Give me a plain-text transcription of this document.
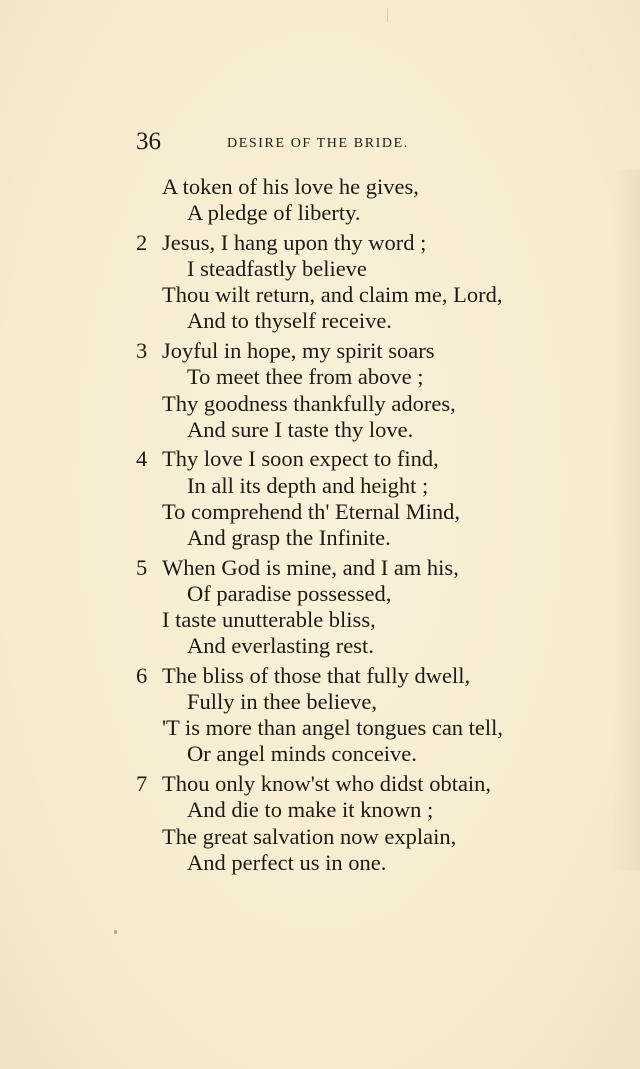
36	DESIRE OF THE BRIDE.
A token of his love he gives,
A pledge of liberty.
2 Jesus, I hang upon thy word ;
I steadfastly believe
Thou wilt return, and claim me, Lord,
And to thyself receive.
3 Joyful in hope, my spirit soars
To meet thee from above ;
Thy goodness thankfully adores,
And sure I taste thy love.
4 Thy love I soon expect to find,
In all its depth and height ;
To comprehend th' Eternal Mind,
And grasp the Infinite.
5 When God is mine, and I am his,
Of paradise possessed,
I taste unutterable bliss,
And everlasting rest.
6 The bliss of those that fully dwell,
Fully in thee believe,
'T is more than angel tongues can tell,
Or angel minds conceive.
7 Thou only know'st who didst obtain,
And die to make it known ;
The great salvation now explain,
And perfect us in one.
